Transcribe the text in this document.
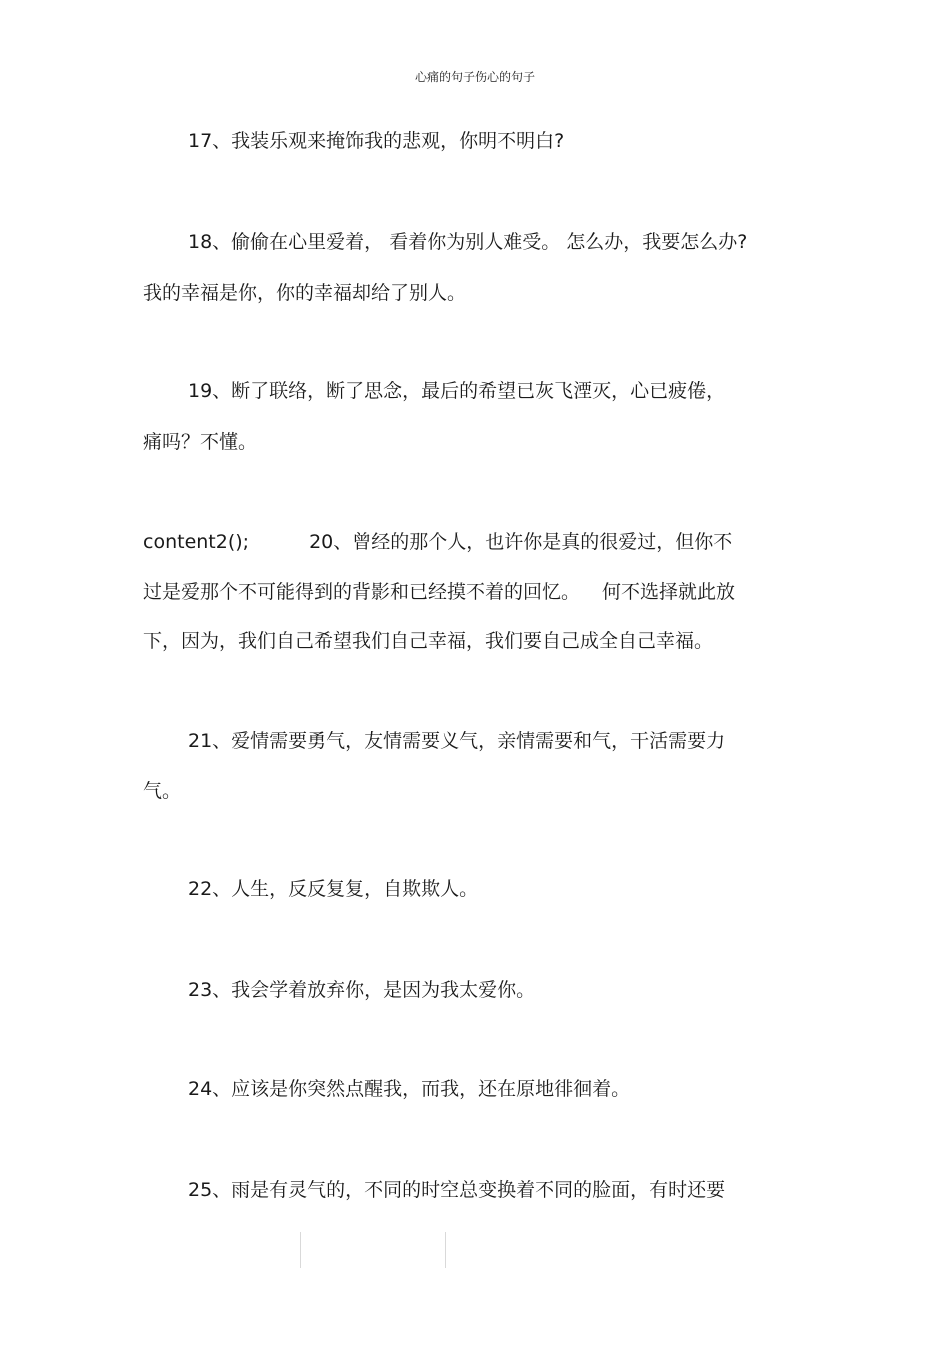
心痛的句子伤心的句子
17、我装乐观来掩饰我的悲观，你明不明白?
18、偷偷在心里爱着， 看着你为别人难受。 怎么办，我要怎么办?
我的幸福是你，你的幸福却给了别人。
19、断了联络，断了思念，最后的希望已灰飞湮灭，心已疲倦，
痛吗？不懂。
content2();	20、曾经的那个人，也许你是真的很爱过，但你不
过是爱那个不可能得到的背影和已经摸不着的回忆。 何不选择就此放
下，因为，我们自己希望我们自己幸福，我们要自己成全自己幸福。
21、爱情需要勇气，友情需要义气，亲情需要和气，干活需要力
气。
22、人生，反反复复，自欺欺人。
23、我会学着放弃你，是因为我太爱你。
24、应该是你突然点醒我，而我，还在原地徘徊着。
25、雨是有灵气的，不同的时空总变换着不同的脸面，有时还要
